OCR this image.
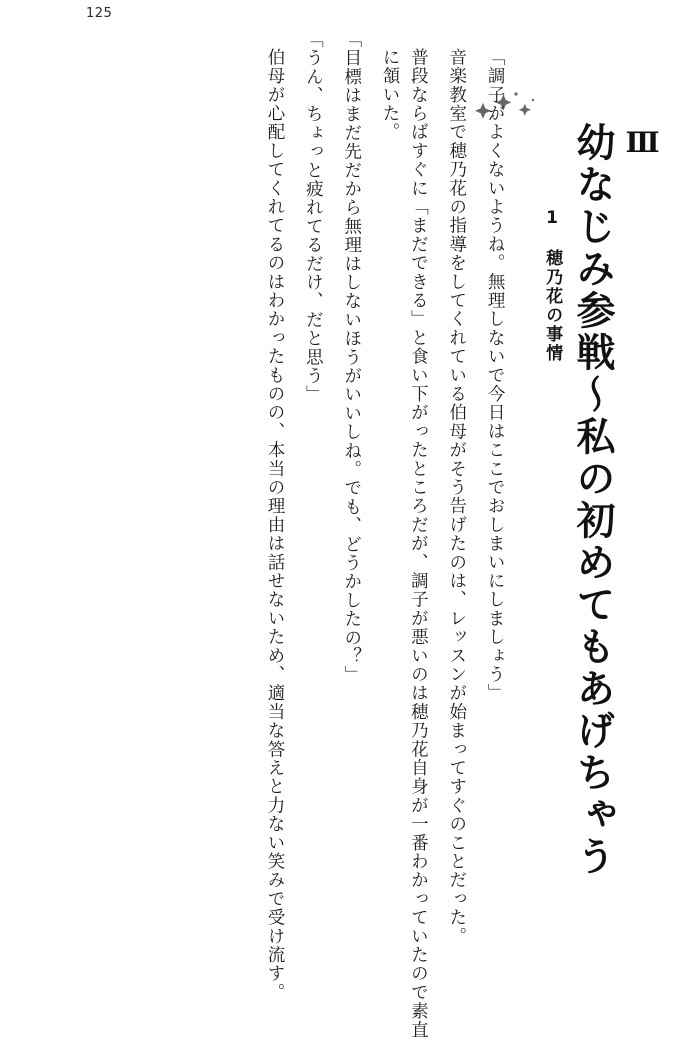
125
Ⅲ
幼なじみ参戦〜私の初めてもあげちゃう
1　穂乃花の事情
「調子がよくないようね。無理しないで今日はここでおしまいにしましょう」
音楽教室で穂乃花の指導をしてくれている伯母がそう告げたのは、レッスンが始まってすぐのことだった。
普段ならばすぐに「まだできる」と食い下がったところだが、調子が悪いのは穂乃花自身が一番わかっていたので素直に頷いた。
「目標はまだ先だから無理はしないほうがいいしね。でも、どうかしたの？」
「うん、ちょっと疲れてるだけ、だと思う」
伯母が心配してくれてるのはわかったものの、本当の理由は話せないため、適当な答えと力ない笑みで受け流す。
